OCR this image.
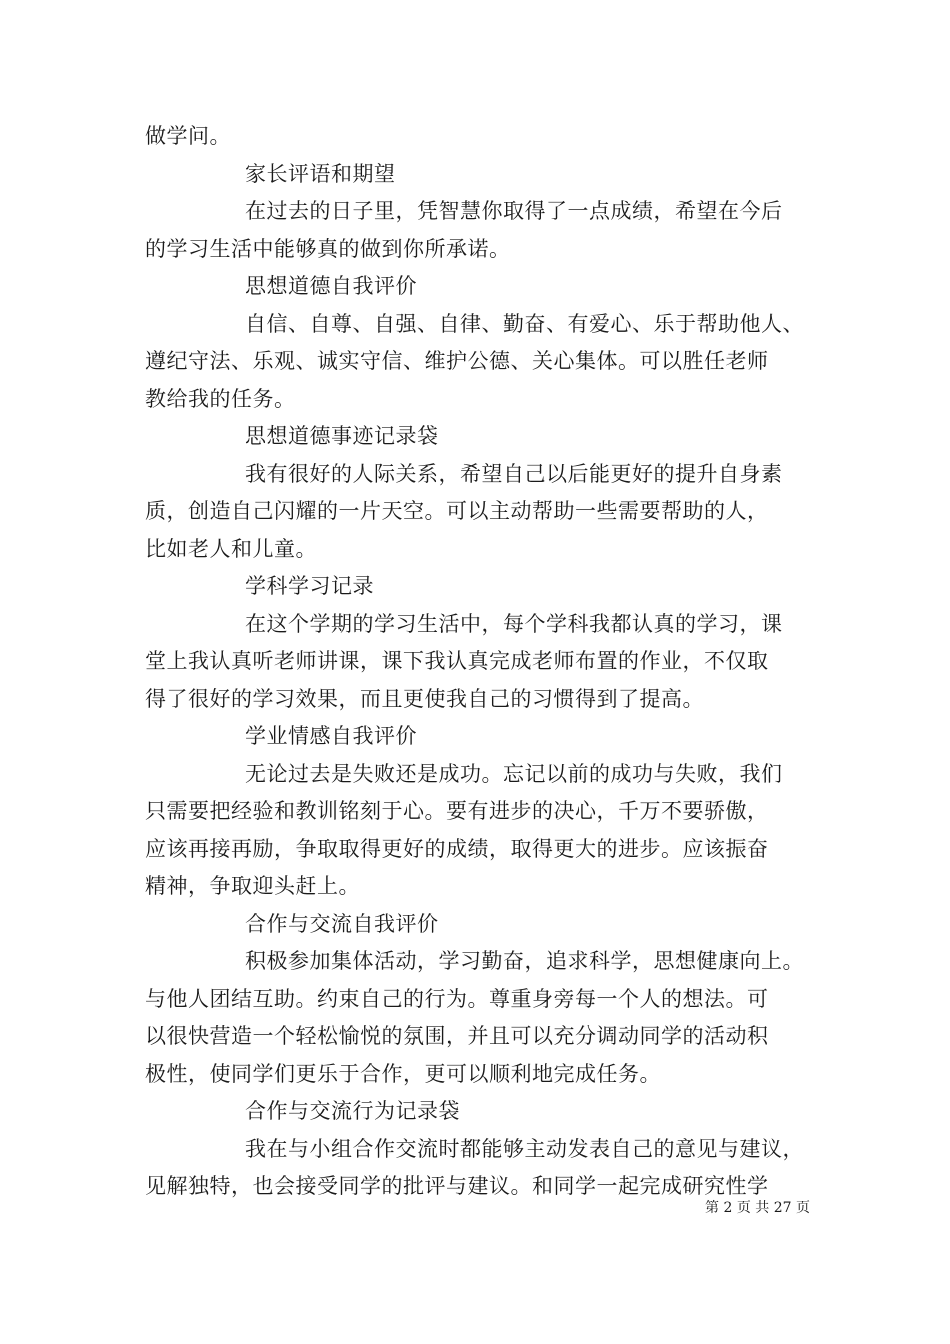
做学问。
家长评语和期望
在过去的日子里，凭智慧你取得了一点成绩，希望在今后
的学习生活中能够真的做到你所承诺。
思想道德自我评价
自信、自尊、自强、自律、勤奋、有爱心、乐于帮助他人、
遵纪守法、乐观、诚实守信、维护公德、关心集体。可以胜任老师
教给我的任务。
思想道德事迹记录袋
我有很好的人际关系，希望自己以后能更好的提升自身素
质，创造自己闪耀的一片天空。可以主动帮助一些需要帮助的人，
比如老人和儿童。
学科学习记录
在这个学期的学习生活中，每个学科我都认真的学习，课
堂上我认真听老师讲课，课下我认真完成老师布置的作业，不仅取
得了很好的学习效果，而且更使我自己的习惯得到了提高。
学业情感自我评价
无论过去是失败还是成功。忘记以前的成功与失败，我们
只需要把经验和教训铭刻于心。要有进步的决心，千万不要骄傲，
应该再接再励，争取取得更好的成绩，取得更大的进步。应该振奋
精神，争取迎头赶上。
合作与交流自我评价
积极参加集体活动，学习勤奋，追求科学，思想健康向上。
与他人团结互助。约束自己的行为。尊重身旁每一个人的想法。可
以很快营造一个轻松愉悦的氛围，并且可以充分调动同学的活动积
极性，使同学们更乐于合作，更可以顺利地完成任务。
合作与交流行为记录袋
我在与小组合作交流时都能够主动发表自己的意见与建议，
见解独特，也会接受同学的批评与建议。和同学一起完成研究性学
第 2 页 共 27 页
